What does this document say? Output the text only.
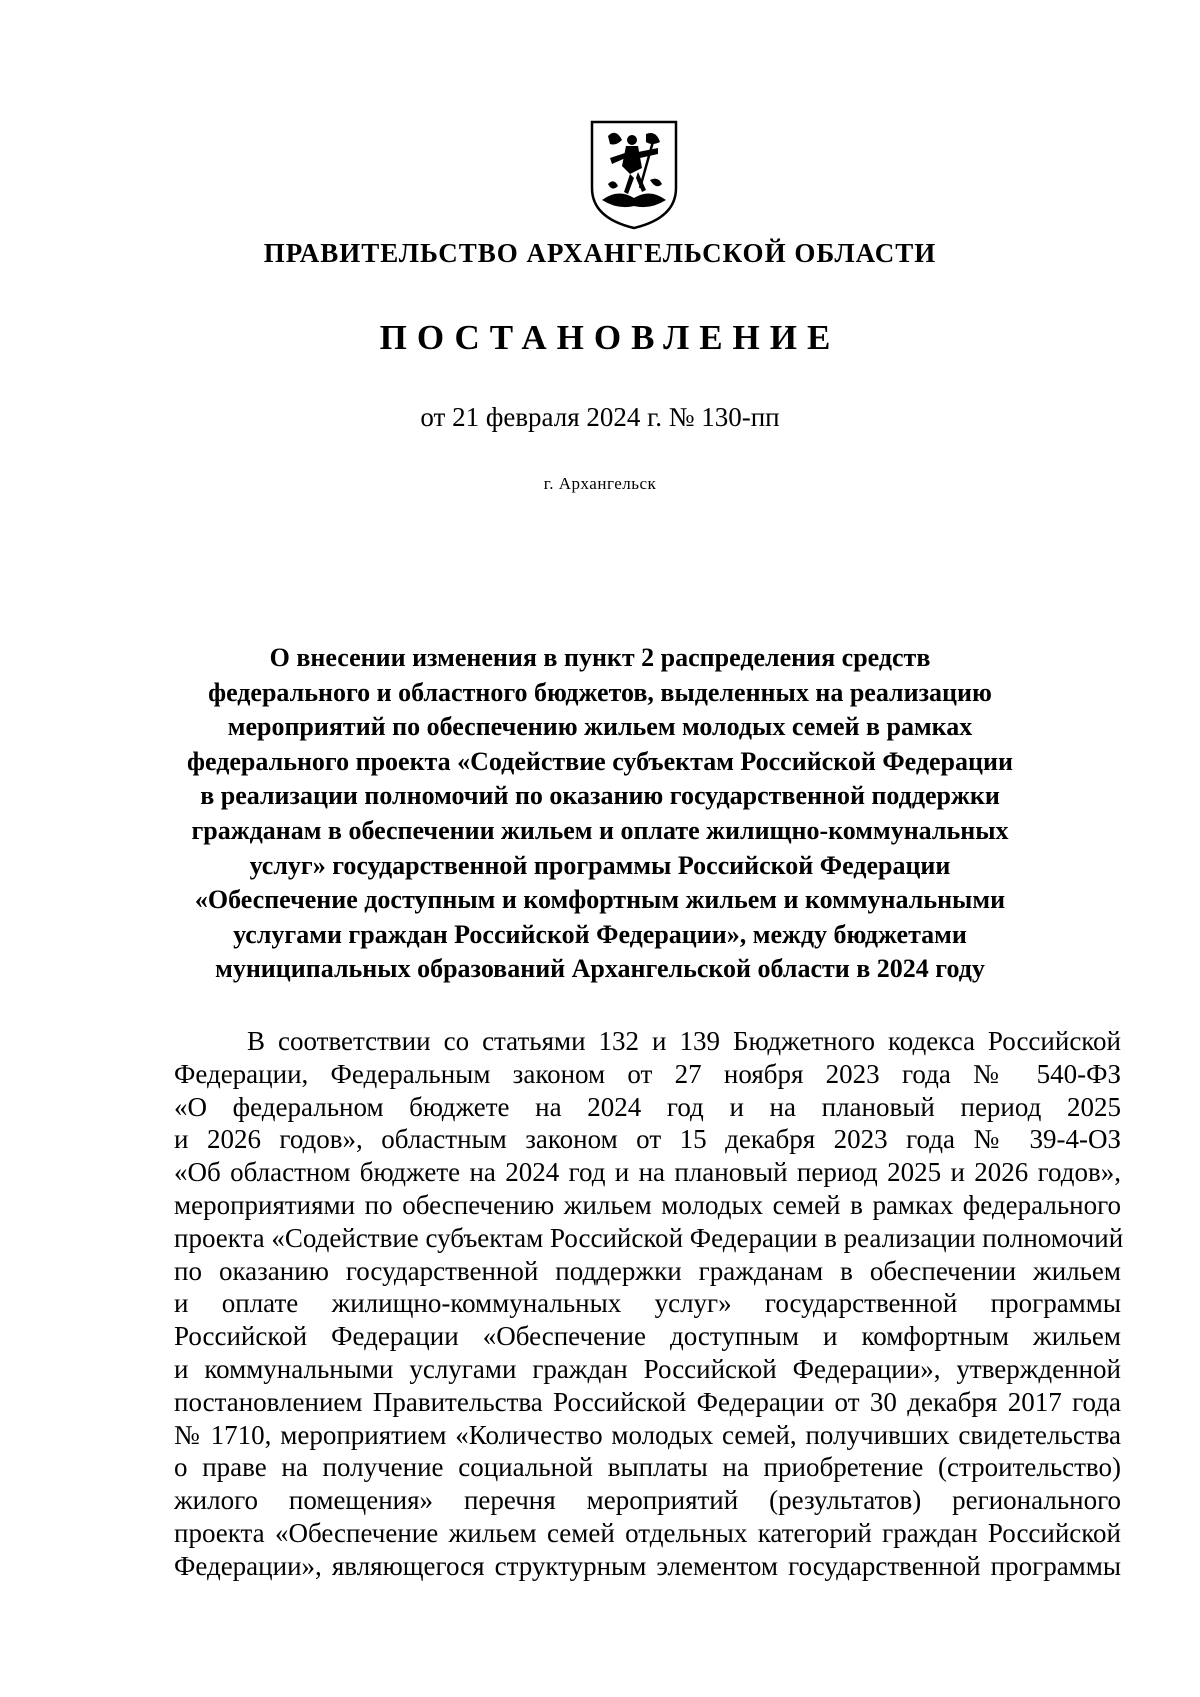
ПРАВИТЕЛЬСТВО АРХАНГЕЛЬСКОЙ ОБЛАСТИ
ПОСТАНОВЛЕНИЕ
от 21 февраля 2024 г. № 130-пп
г. Архангельск
О внесении изменения в пункт 2 распределения средств
федерального и областного бюджетов, выделенных на реализацию
мероприятий по обеспечению жильем молодых семей в рамках
федерального проекта «Содействие субъектам Российской Федерации
в реализации полномочий по оказанию государственной поддержки
гражданам в обеспечении жильем и оплате жилищно-коммунальных
услуг» государственной программы Российской Федерации
«Обеспечение доступным и комфортным жильем и коммунальными
услугами граждан Российской Федерации», между бюджетами
муниципальных образований Архангельской области в 2024 году
В соответствии со статьями 132 и 139 Бюджетного кодекса Российской
Федерации, Федеральным законом от 27 ноября 2023 года № 540-ФЗ
«О федеральном бюджете на 2024 год и на плановый период 2025
и 2026 годов», областным законом от 15 декабря 2023 года № 39-4-ОЗ
«Об областном бюджете на 2024 год и на плановый период 2025 и 2026 годов»,
мероприятиями по обеспечению жильем молодых семей в рамках федерального
проекта «Содействие субъектам Российской Федерации в реализации полномочий
по оказанию государственной поддержки гражданам в обеспечении жильем
и оплате жилищно-коммунальных услуг» государственной программы
Российской Федерации «Обеспечение доступным и комфортным жильем
и коммунальными услугами граждан Российской Федерации», утвержденной
постановлением Правительства Российской Федерации от 30 декабря 2017 года
№ 1710, мероприятием «Количество молодых семей, получивших свидетельства
о праве на получение социальной выплаты на приобретение (строительство)
жилого помещения» перечня мероприятий (результатов) регионального
проекта «Обеспечение жильем семей отдельных категорий граждан Российской
Федерации», являющегося структурным элементом государственной программы
